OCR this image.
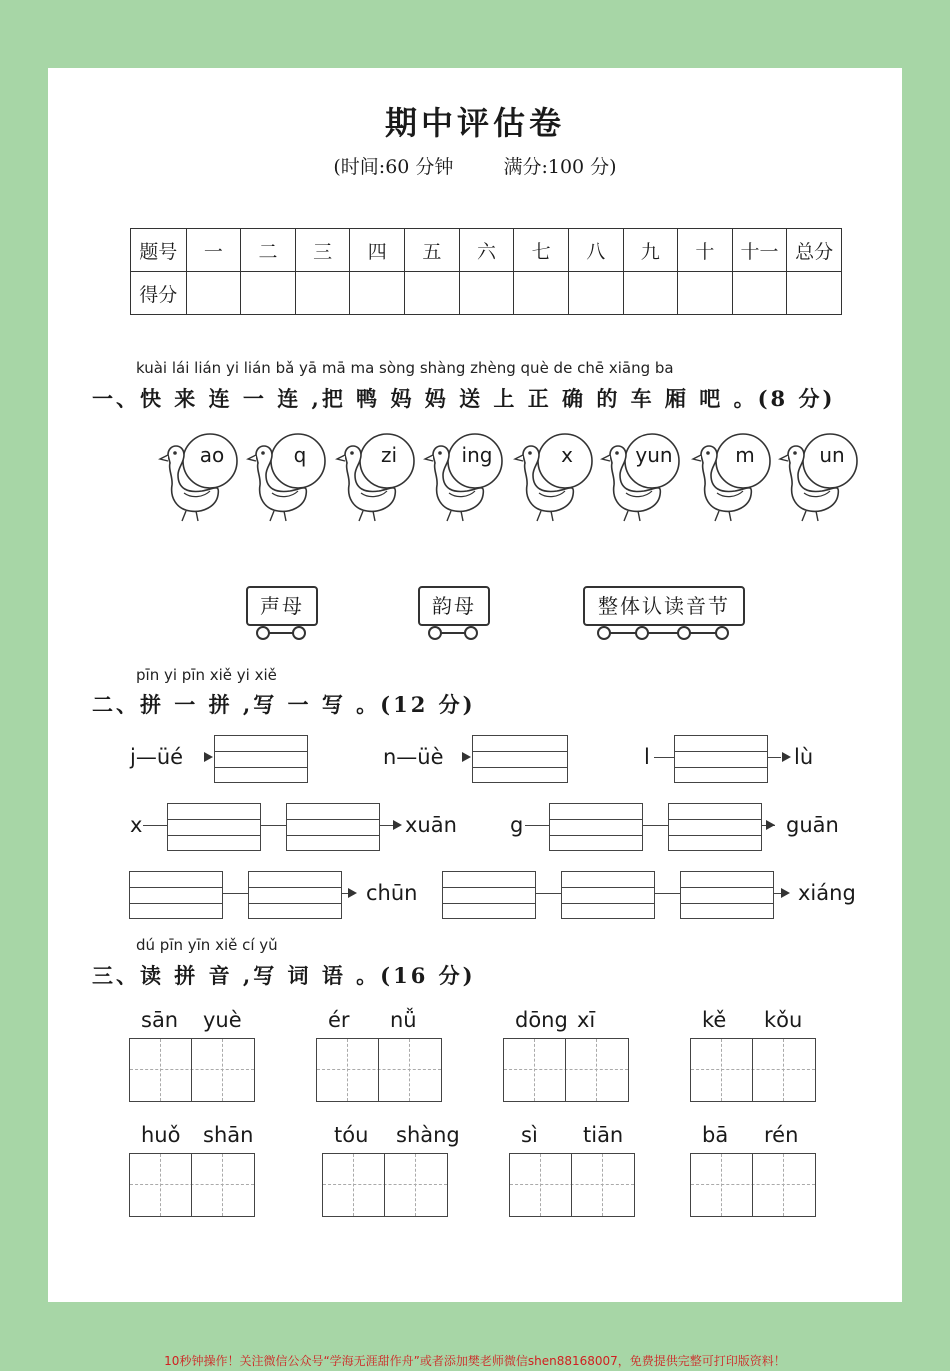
期中评估卷
(时间:60 分钟	满分:100 分)
题号	一	二	三	四	五	六	七	八	九	十	十一	总分
得分												
kuài lái lián yi lián bǎ yā mā ma sòng shàng zhèng què de chē xiāng ba
一、快 来 连 一 连 ,把 鸭 妈 妈 送 上 正 确 的 车 厢 吧 。(8 分)
ao	q	zi	ing	x	yun	m	un
声母	韵母	整体认读音节
pīn yi pīn xiě yi xiě
二、拼 一 拼 ,写 一 写 。(12 分)
j—üé	n—üè	l	lù
x	xuān	g	guān
chūn	xiáng
dú pīn yīn xiě cí yǔ
三、读 拼 音 ,写 词 语 。(16 分)
sān yuè	ér nǚ	dōng xī	kě kǒu
huǒ shān	tóu shàng	sì tiān	bā rén
10秒钟操作！关注微信公众号“学海无涯甜作舟”或者添加樊老师微信shen88168007，免费提供完整可打印版资料！
